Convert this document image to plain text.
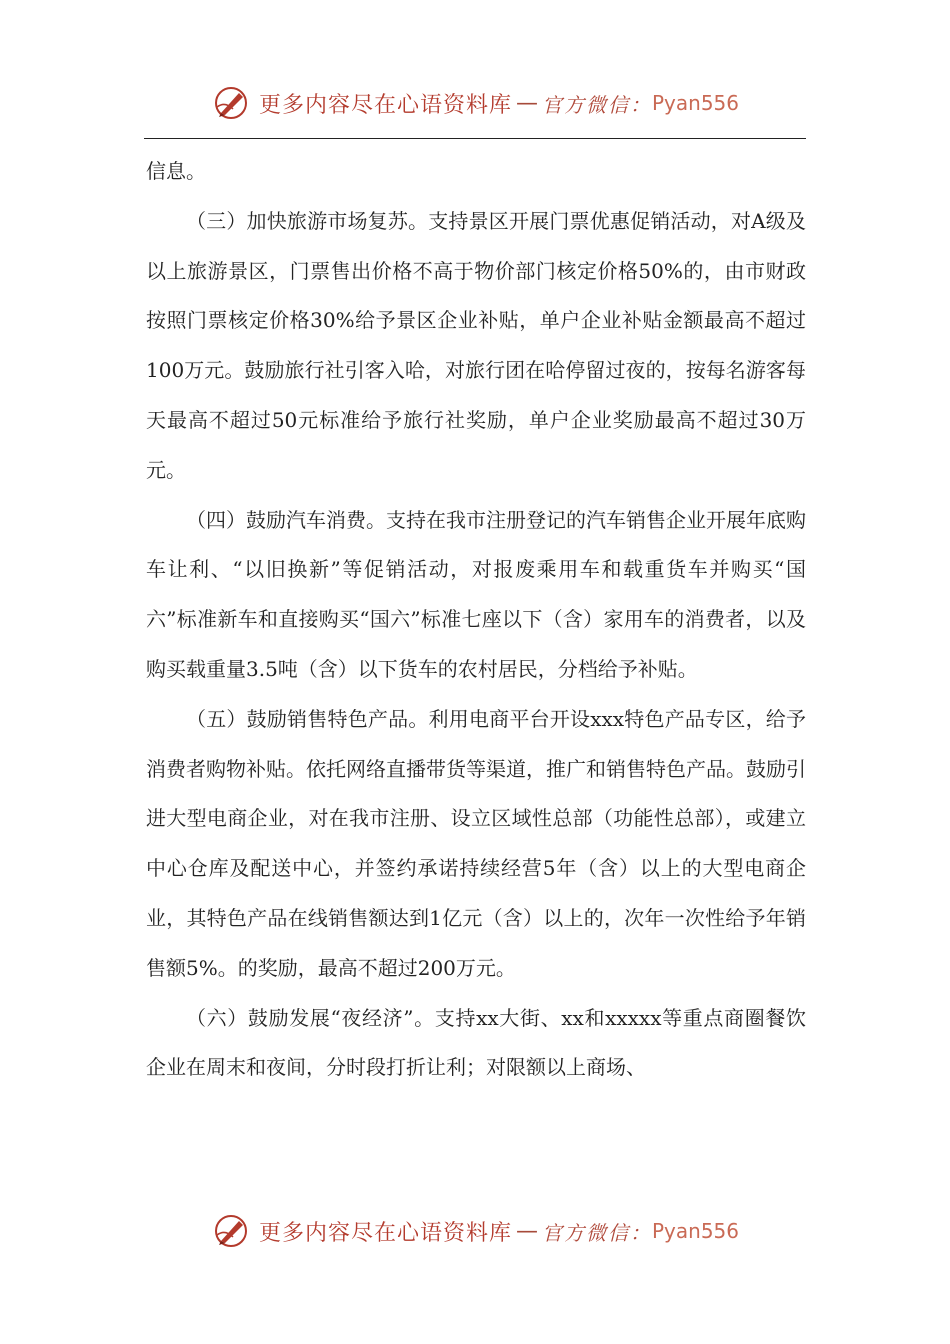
更多内容尽在心语资料库 — 官方微信： Pyan556

信息。

（三）加快旅游市场复苏。支持景区开展门票优惠促销活动，对A级及以上旅游景区，门票售出价格不高于物价部门核定价格50%的，由市财政按照门票核定价格30%给予景区企业补贴，单户企业补贴金额最高不超过100万元。鼓励旅行社引客入哈，对旅行团在哈停留过夜的，按每名游客每天最高不超过50元标准给予旅行社奖励，单户企业奖励最高不超过30万元。

（四）鼓励汽车消费。支持在我市注册登记的汽车销售企业开展年底购车让利、“以旧换新”等促销活动，对报废乘用车和载重货车并购买“国六”标准新车和直接购买“国六”标准七座以下（含）家用车的消费者，以及购买载重量3.5吨（含）以下货车的农村居民，分档给予补贴。

（五）鼓励销售特色产品。利用电商平台开设xxx特色产品专区，给予消费者购物补贴。依托网络直播带货等渠道，推广和销售特色产品。鼓励引进大型电商企业，对在我市注册、设立区域性总部（功能性总部），或建立中心仓库及配送中心，并签约承诺持续经营5年（含）以上的大型电商企业，其特色产品在线销售额达到1亿元（含）以上的，次年一次性给予年销售额5%。的奖励，最高不超过200万元。

（六）鼓励发展“夜经济”。支持xx大街、xx和xxxxx等重点商圈餐饮企业在周末和夜间，分时段打折让利；对限额以上商场、

更多内容尽在心语资料库 — 官方微信： Pyan556
